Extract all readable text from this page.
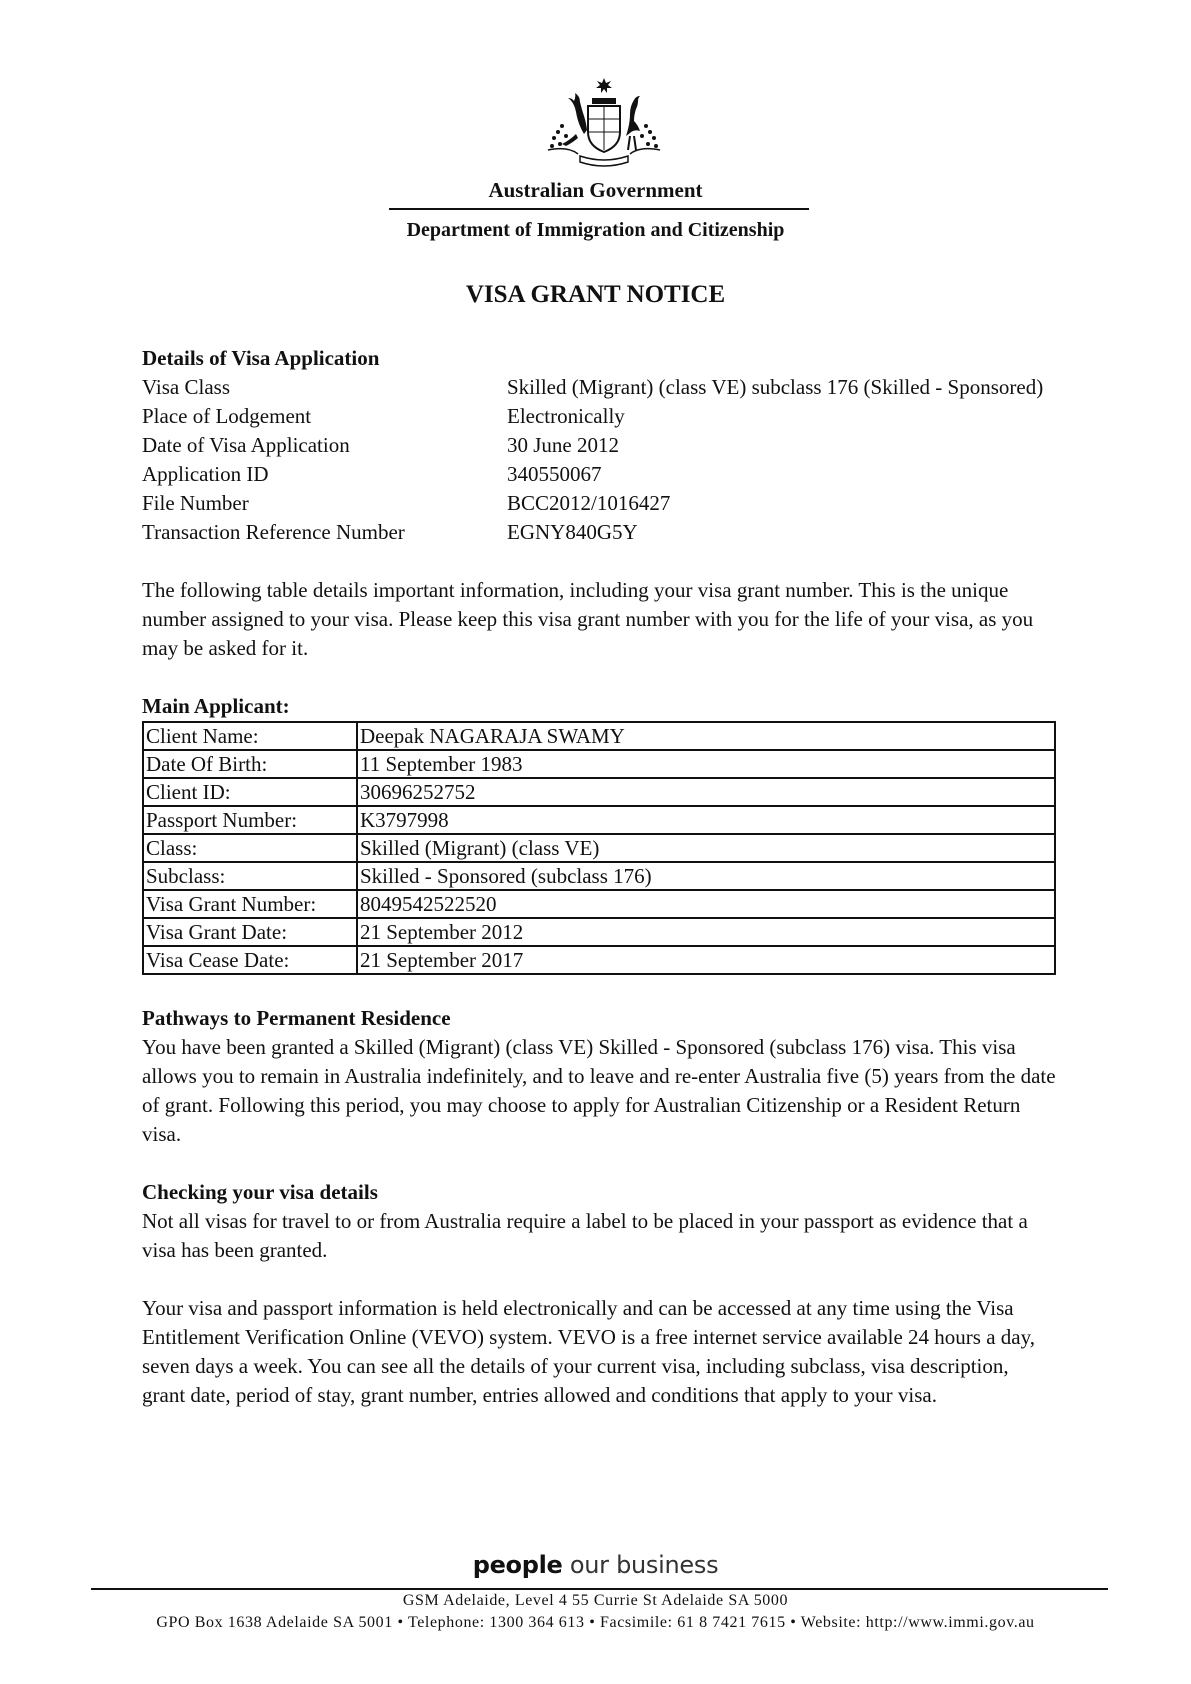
Australian Government
Department of Immigration and Citizenship
VISA GRANT NOTICE
Details of Visa Application
Visa Class	Skilled (Migrant) (class VE) subclass 176 (Skilled - Sponsored)
Place of Lodgement	Electronically
Date of Visa Application	30 June 2012
Application ID	340550067
File Number	BCC2012/1016427
Transaction Reference Number	EGNY840G5Y

The following table details important information, including your visa grant number. This is the unique number assigned to your visa. Please keep this visa grant number with you for the life of your visa, as you may be asked for it.

Main Applicant:
Client Name:	Deepak NAGARAJA SWAMY
Date Of Birth:	11 September 1983
Client ID:	30696252752
Passport Number:	K3797998
Class:	Skilled (Migrant) (class VE)
Subclass:	Skilled - Sponsored (subclass 176)
Visa Grant Number:	8049542522520
Visa Grant Date:	21 September 2012
Visa Cease Date:	21 September 2017
Pathways to Permanent Residence

You have been granted a Skilled (Migrant) (class VE) Skilled - Sponsored (subclass 176) visa. This visa allows you to remain in Australia indefinitely, and to leave and re-enter Australia five (5) years from the date of grant. Following this period, you may choose to apply for Australian Citizenship or a Resident Return visa.

Checking your visa details

Not all visas for travel to or from Australia require a label to be placed in your passport as evidence that a visa has been granted.

Your visa and passport information is held electronically and can be accessed at any time using the Visa Entitlement Verification Online (VEVO) system. VEVO is a free internet service available 24 hours a day, seven days a week. You can see all the details of your current visa, including subclass, visa description, grant date, period of stay, grant number, entries allowed and conditions that apply to your visa.

people our business
GSM Adelaide, Level 4 55 Currie St Adelaide SA 5000
GPO Box 1638 Adelaide SA 5001 • Telephone: 1300 364 613 • Facsimile: 61 8 7421 7615 • Website: http://www.immi.gov.au
